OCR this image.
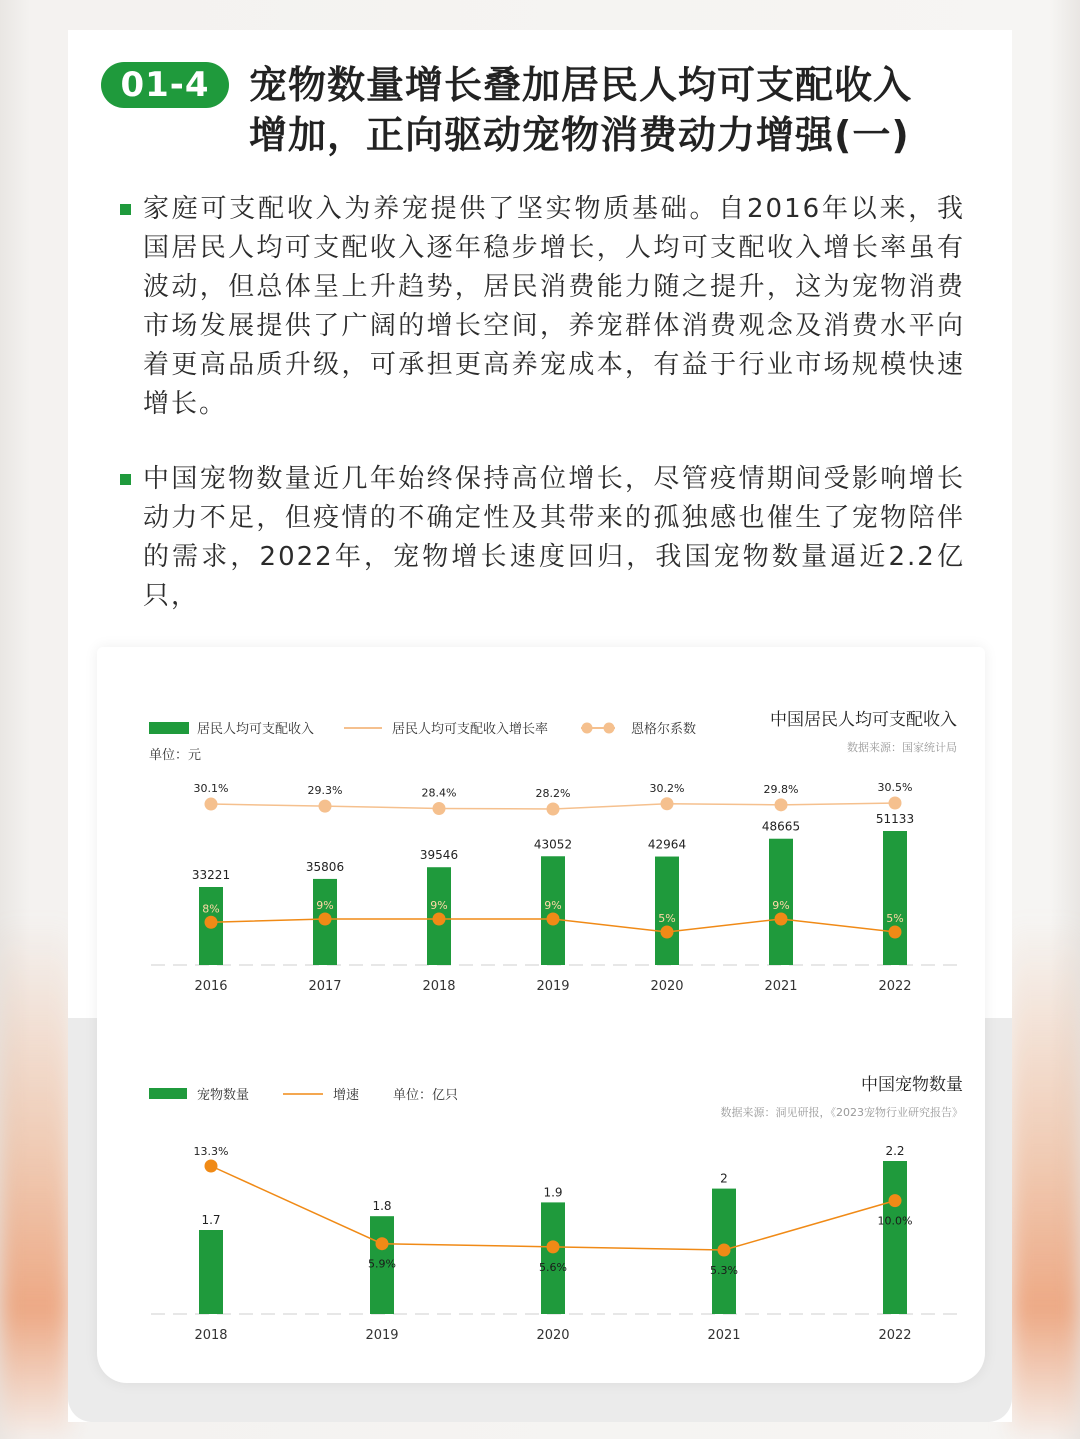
01-4	宠物数量增长叠加居民人均可支配收入
增加，正向驱动宠物消费动力增强(一)
家庭可支配收入为养宠提供了坚实物质基础。自2016年以来，我国居民人均可支配收入逐年稳步增长，人均可支配收入增长率虽有波动，但总体呈上升趋势，居民消费能力随之提升，这为宠物消费市场发展提供了广阔的增长空间，养宠群体消费观念及消费水平向着更高品质升级，可承担更高养宠成本，有益于行业市场规模快速增长。
中国宠物数量近几年始终保持高位增长，尽管疫情期间受影响增长动力不足，但疫情的不确定性及其带来的孤独感也催生了宠物陪伴的需求，2022年，宠物增长速度回归，我国宠物数量逼近2.2亿只，
居民人均可支配收入	居民人均可支配收入增长率	恩格尔系数
单位：元
中国居民人均可支配收入
数据来源：国家统计局
33221
2016
35806
2017
39546
2018
43052
2019
42964
2020
48665
2021
51133
2022
8%	9%	9%	9%
5%
9%
5%
30.1%	29.3%	28.4%	28.2%	30.2%	29.8%	30.5%
宠物数量	增速	单位：亿只
中国宠物数量
数据来源：洞见研报，《2023宠物行业研究报告》
1.7
2018
1.8
2019
1.9
2020
2
2021
2.2
2022
13.3%
5.9%	5.6%	5.3%
10.0%
